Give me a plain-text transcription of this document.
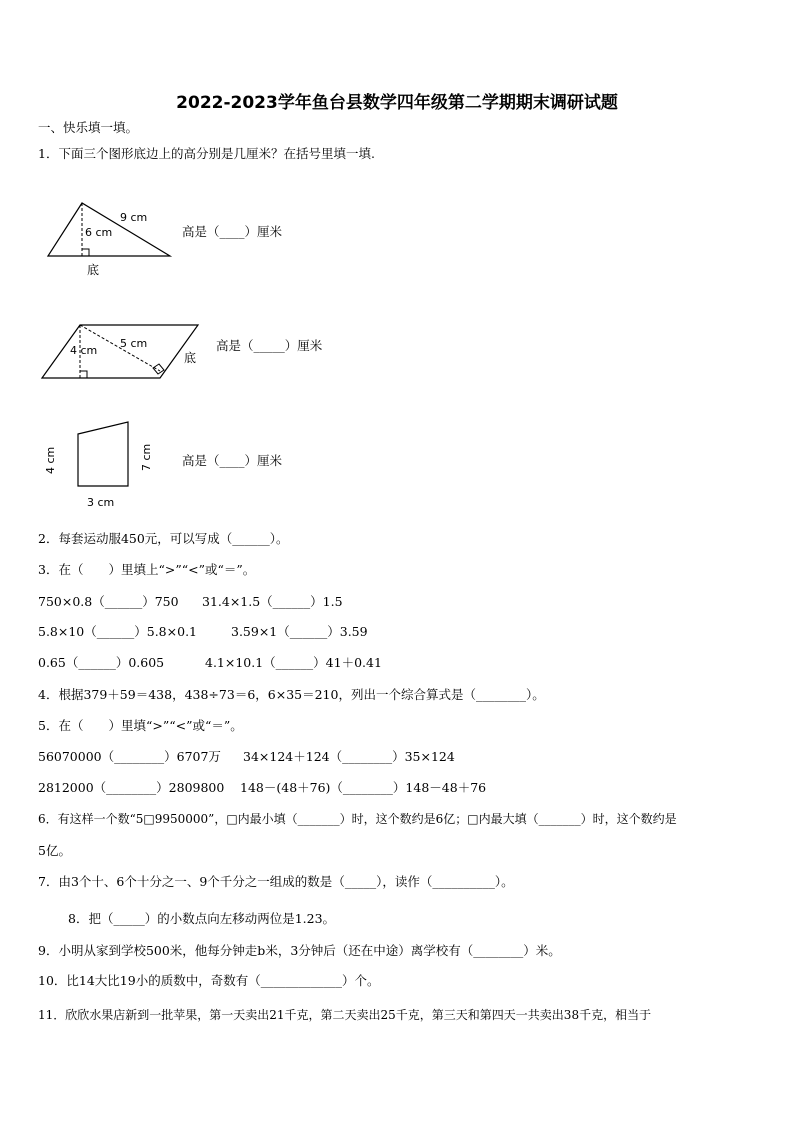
2022-2023学年鱼台县数学四年级第二学期期末调研试题
一、快乐填一填。
1．下面三个图形底边上的高分别是几厘米？在括号里填一填.
9 cm
6 cm
底
高是（____）厘米
5 cm
4 cm
底
高是（_____）厘米
4 cm	7 cm
3 cm
高是（____）厘米
2．每套运动服450元，可以写成（______）。
3．在（　　）里填上“>”“<”或“＝”。
750×0.8（______）750 31.4×1.5（______）1.5
5.8×10（______）5.8×0.1	3.59×1（______）3.59
0.65（______）0.605	4.1×10.1（______）41＋0.41
4．根据379＋59＝438，438÷73＝6，6×35＝210，列出一个综合算式是（________）。
5．在（　　）里填“>”“<”或“＝”。
56070000（________）6707万 34×124＋124（________）35×124
2812000（________）2809800 148－(48＋76)（________）148－48＋76
6．有这样一个数“5□9950000”，□内最小填（_______）时，这个数约是6亿；□内最大填（_______）时，这个数约是
5亿。
7．由3个十、6个十分之一、9个千分之一组成的数是（_____），读作（__________）。
8．把（_____）的小数点向左移动两位是1.23。
9．小明从家到学校500米，他每分钟走b米，3分钟后（还在中途）离学校有（________）米。
10．比14大比19小的质数中，奇数有（_____________）个。
11．欣欣水果店新到一批苹果，第一天卖出21千克，第二天卖出25千克，第三天和第四天一共卖出38千克，相当于
